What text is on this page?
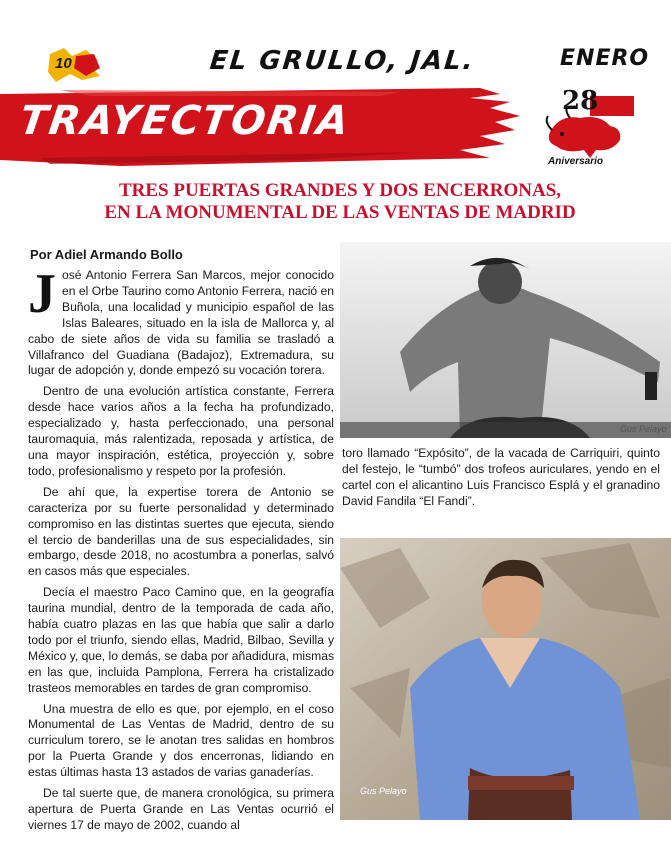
10	EL GRULLO, JAL.	ENERO
TRAYECTORIA	28
Aniversario
TRES PUERTAS GRANDES Y DOS ENCERRONAS,
EN LA MONUMENTAL DE LAS VENTAS DE MADRID
Por Adiel Armando Bollo

José Antonio Ferrera San Marcos, mejor conocido en el Orbe Taurino como Antonio Ferrera, nació en Buñola, una localidad y municipio español de las Islas Baleares, situado en la isla de Mallorca y, al cabo de siete años de vida su familia se trasladó a Villafranco del Guadiana (Badajoz), Extremadura, su lugar de adopción y, donde empezó su vocación torera.

Dentro de una evolución artística constante, Ferrera desde hace varios años a la fecha ha profundizado, especializado y, hasta perfeccionado, una personal tauromaquia, más ralentizada, reposada y artística, de una mayor inspiración, estética, proyección y, sobre todo, profesionalismo y respeto por la profesión.

De ahí que, la expertise torera de Antonio se caracteriza por su fuerte personalidad y determinado compromiso en las distintas suertes que ejecuta, siendo el tercio de banderillas una de sus especialidades, sin embargo, desde 2018, no acostumbra a ponerlas, salvó en casos más que especiales.

Decía el maestro Paco Camino que, en la geografía taurina mundial, dentro de la temporada de cada año, había cuatro plazas en las que había que salir a darlo todo por el triunfo, siendo ellas, Madrid, Bilbao, Sevilla y México y, que, lo demás, se daba por añadidura, mismas en las que, incluida Pamplona, Ferrera ha cristalizado trasteos memorables en tardes de gran compromiso.

Una muestra de ello es que, por ejemplo, en el coso Monumental de Las Ventas de Madrid, dentro de su curriculum torero, se le anotan tres salidas en hombros por la Puerta Grande y dos encerronas, lidiando en estas últimas hasta 13 astados de varias ganaderías.

De tal suerte que, de manera cronológica, su primera apertura de Puerta Grande en Las Ventas ocurrió el viernes 17 de mayo de 2002, cuando al

Gus Pelayo

toro llamado “Expósito”, de la vacada de Carriquiri, quinto del festejo, le “tumbó” dos trofeos auriculares, yendo en el cartel con el alicantino Luis Francisco Esplá y el granadino David Fandila “El Fandi”.

Gus Pelayo
